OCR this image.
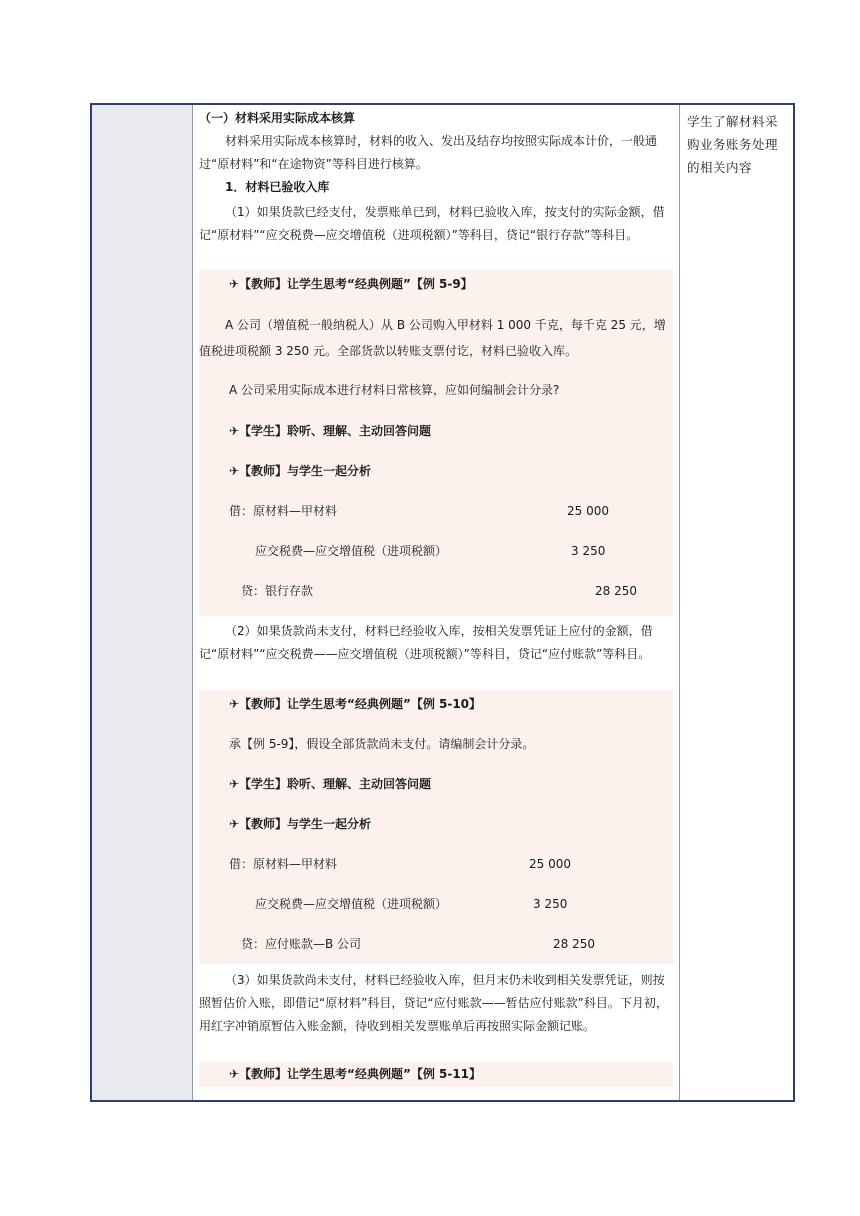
（一）材料采用实际成本核算
材料采用实际成本核算时，材料的收入、发出及结存均按照实际成本计价，一般通过“原材料”和“在途物资”等科目进行核算。
1．材料已验收入库
（1）如果货款已经支付，发票账单已到，材料已验收入库，按支付的实际金额，借记“原材料”“应交税费—应交增值税（进项税额）”等科目，贷记“银行存款”等科目。
✈【教师】让学生思考“经典例题”【例 5-9】
A 公司（增值税一般纳税人）从 B 公司购入甲材料 1 000 千克，每千克 25 元，增值税进项税额 3 250 元。全部货款以转账支票付讫，材料已验收入库。
A 公司采用实际成本进行材料日常核算，应如何编制会计分录?
✈【学生】聆听、理解、主动回答问题
✈【教师】与学生一起分析
借：原材料—甲材料	25 000
应交税费—应交增值税（进项税额）	3 250
贷：银行存款	28 250
（2）如果货款尚未支付，材料已经验收入库，按相关发票凭证上应付的金额，借记“原材料”“应交税费——应交增值税（进项税额）”等科目，贷记“应付账款”等科目。
✈【教师】让学生思考“经典例题”【例 5-10】
承【例 5-9】，假设全部货款尚未支付。请编制会计分录。
✈【学生】聆听、理解、主动回答问题
✈【教师】与学生一起分析
借：原材料—甲材料	25 000
应交税费—应交增值税（进项税额）	3 250
贷：应付账款—B 公司	28 250
（3）如果货款尚未支付，材料已经验收入库，但月末仍未收到相关发票凭证，则按照暂估价入账，即借记“原材料”科目，贷记“应付账款——暂估应付账款”科目。下月初，用红字冲销原暂估入账金额，待收到相关发票账单后再按照实际金额记账。
✈【教师】让学生思考“经典例题”【例 5-11】
学生了解材料采购业务账务处理的相关内容
